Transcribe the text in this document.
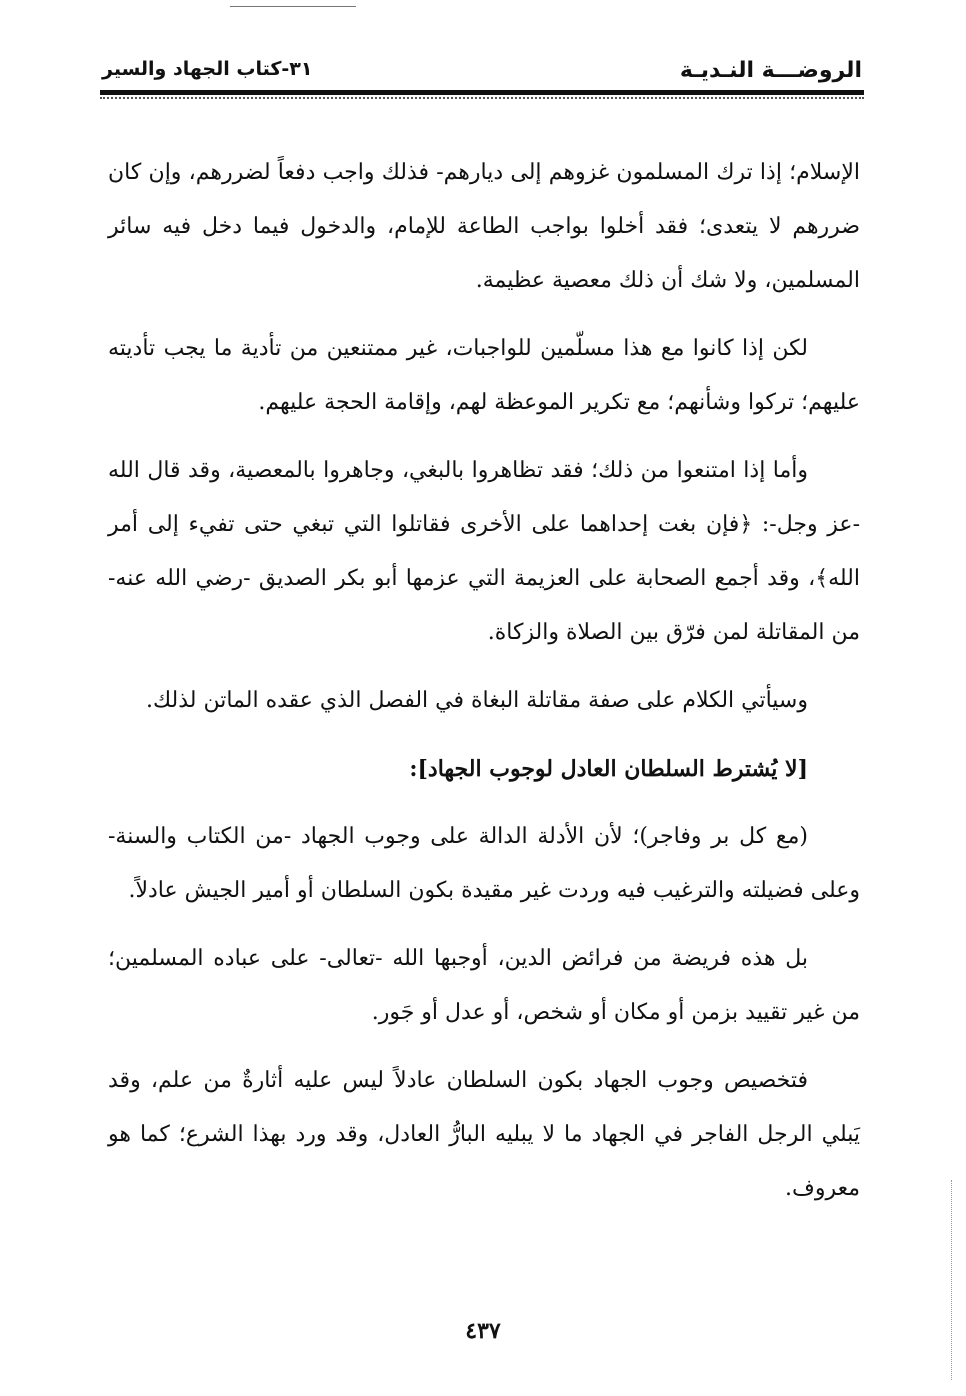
الروضـــة النـديـة
٣١-كتاب الجهاد والسير

الإسلام؛ إذا ترك المسلمون غزوهم إلى ديارهم- فذلك واجب دفعاً لضررهم، وإن كان ضررهم لا يتعدى؛ فقد أخلوا بواجب الطاعة للإمام، والدخول فيما دخل فيه سائر المسلمين، ولا شك أن ذلك معصية عظيمة.

لكن إذا كانوا مع هذا مسلّمين للواجبات، غير ممتنعين من تأدية ما يجب تأديته عليهم؛ تركوا وشأنهم؛ مع تكرير الموعظة لهم، وإقامة الحجة عليهم.

وأما إذا امتنعوا من ذلك؛ فقد تظاهروا بالبغي، وجاهروا بالمعصية، وقد قال الله -عز وجل-: ﴿فإن بغت إحداهما على الأخرى فقاتلوا التي تبغي حتى تفيء إلى أمر الله﴾، وقد أجمع الصحابة على العزيمة التي عزمها أبو بكر الصديق -رضي الله عنه-من المقاتلة لمن فرّق بين الصلاة والزكاة.

وسيأتي الكلام على صفة مقاتلة البغاة في الفصل الذي عقده الماتن لذلك.

[لا يُشترط السلطان العادل لوجوب الجهاد]:

(مع كل بر وفاجر)؛ لأن الأدلة الدالة على وجوب الجهاد -من الكتاب والسنة- وعلى فضيلته والترغيب فيه وردت غير مقيدة بكون السلطان أو أمير الجيش عادلاً.

بل هذه فريضة من فرائض الدين، أوجبها الله -تعالى- على عباده المسلمين؛ من غير تقييد بزمن أو مكان أو شخص، أو عدل أو جَور.

فتخصيص وجوب الجهاد بكون السلطان عادلاً ليس عليه أثارةٌ من علم، وقد يَبلي الرجل الفاجر في الجهاد ما لا يبليه البارُّ العادل، وقد ورد بهذا الشرع؛ كما هو معروف.

٤٣٧
